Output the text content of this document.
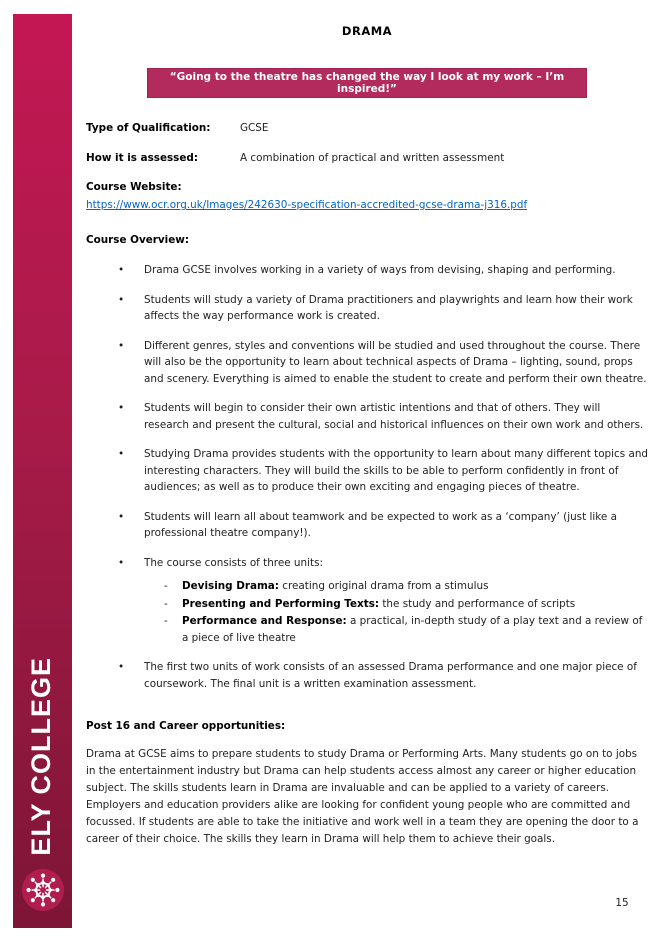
ELY COLLEGE
DRAMA
“Going to the theatre has changed the way I look at my work – I’m inspired!”
Type of Qualification:	GCSE
How it is assessed:	A combination of practical and written assessment
Course Website:
https://www.ocr.org.uk/Images/242630-specification-accredited-gcse-drama-j316.pdf
Course Overview:
• Drama GCSE involves working in a variety of ways from devising, shaping and performing.
• Students will study a variety of Drama practitioners and playwrights and learn how their work affects the way performance work is created.
• Different genres, styles and conventions will be studied and used throughout the course. There will also be the opportunity to learn about technical aspects of Drama – lighting, sound, props and scenery. Everything is aimed to enable the student to create and perform their own theatre.
• Students will begin to consider their own artistic intentions and that of others. They will research and present the cultural, social and historical influences on their own work and others.
• Studying Drama provides students with the opportunity to learn about many different topics and interesting characters. They will build the skills to be able to perform confidently in front of audiences; as well as to produce their own exciting and engaging pieces of theatre.
• Students will learn all about teamwork and be expected to work as a ‘company’ (just like a professional theatre company!).
• The course consists of three units:
- Devising Drama: creating original drama from a stimulus
- Presenting and Performing Texts: the study and performance of scripts
- Performance and Response: a practical, in-depth study of a play text and a review of a piece of live theatre
• The first two units of work consists of an assessed Drama performance and one major piece of coursework. The final unit is a written examination assessment.
Post 16 and Career opportunities:
Drama at GCSE aims to prepare students to study Drama or Performing Arts. Many students go on to jobs in the entertainment industry but Drama can help students access almost any career or higher education subject. The skills students learn in Drama are invaluable and can be applied to a variety of careers. Employers and education providers alike are looking for confident young people who are committed and focussed. If students are able to take the initiative and work well in a team they are opening the door to a career of their choice. The skills they learn in Drama will help them to achieve their goals.
15
